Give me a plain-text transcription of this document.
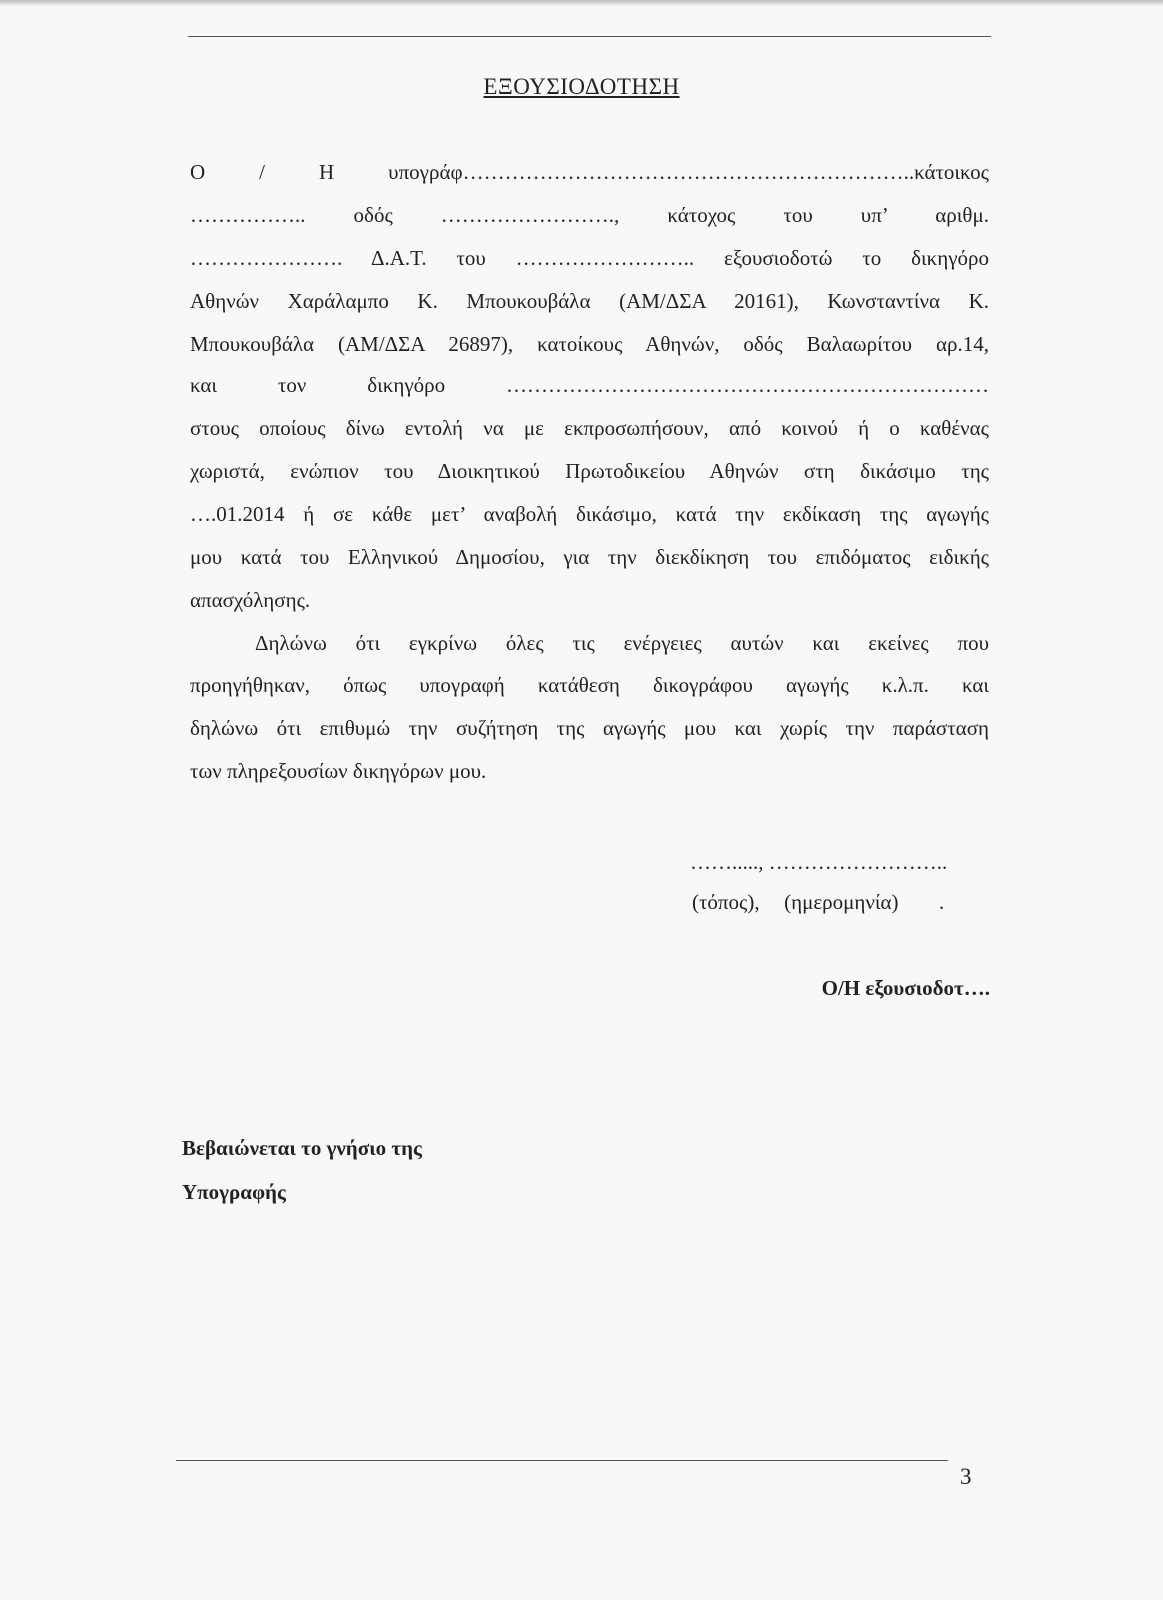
ΕΞΟΥΣΙΟΔΟΤΗΣΗ
Ο / Η υπογράφ………………………………………………………..κάτοικος
…………….. οδός ……………………., κάτοχος του υπ’ αριθμ.
…………………. Δ.Α.Τ. του …………………….. εξουσιοδοτώ το δικηγόρο
Αθηνών Χαράλαμπο Κ. Μπουκουβάλα (ΑΜ/ΔΣΑ 20161), Κωνσταντίνα Κ.
Μπουκουβάλα (ΑΜ/ΔΣΑ 26897), κατοίκους Αθηνών, οδός Βαλαωρίτου αρ.14,
και τον δικηγόρο ……………………………………………………………
στους οποίους δίνω εντολή να με εκπροσωπήσουν, από κοινού ή ο καθένας
χωριστά, ενώπιον του Διοικητικού Πρωτοδικείου Αθηνών στη δικάσιμο της
….01.2014 ή σε κάθε μετ’ αναβολή δικάσιμο, κατά την εκδίκαση της αγωγής
μου κατά του Ελληνικού Δημοσίου, για την διεκδίκηση του επιδόματος ειδικής
απασχόλησης.
Δηλώνω ότι εγκρίνω όλες τις ενέργειες αυτών και εκείνες που
προηγήθηκαν, όπως υπογραφή κατάθεση δικογράφου αγωγής κ.λ.π. και
δηλώνω ότι επιθυμώ την συζήτηση της αγωγής μου και χωρίς την παράσταση
των πληρεξουσίων δικηγόρων μου.
……....., ……………………..
(τόπος), (ημερομηνία) .
Ο/Η εξουσιοδοτ….
Βεβαιώνεται το γνήσιο της
Υπογραφής
3
